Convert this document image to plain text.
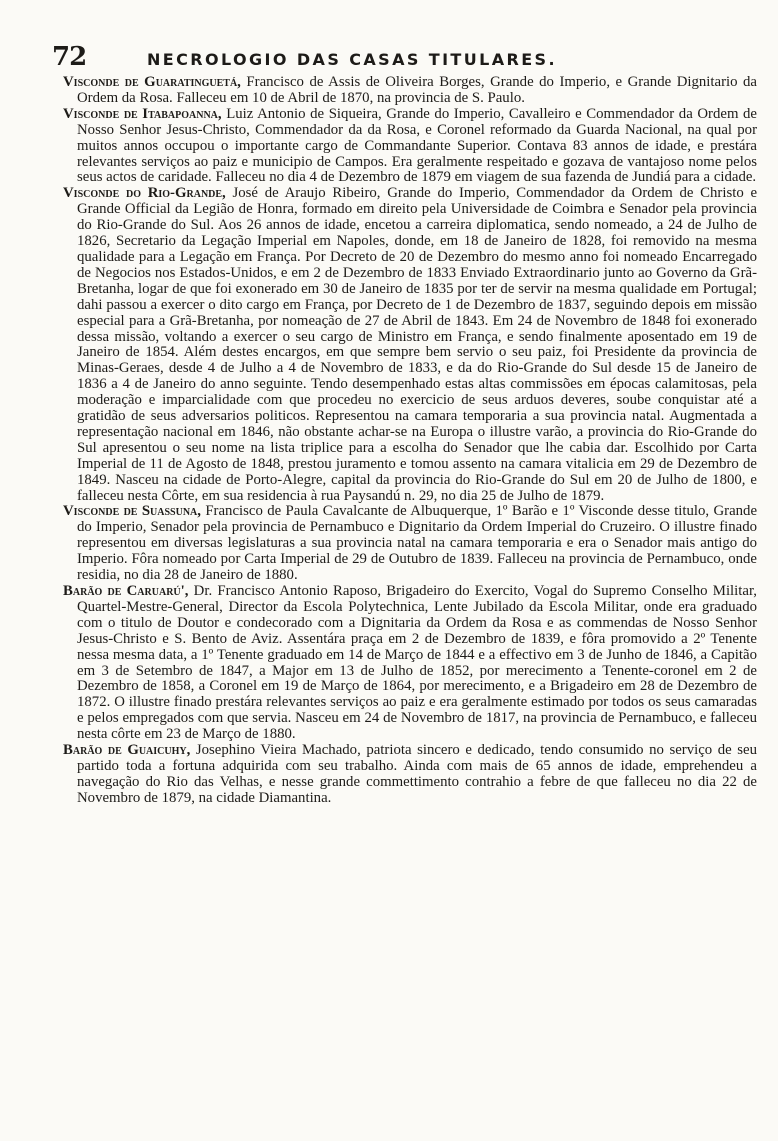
72	NECROLOGIO DAS CASAS TITULARES.

Visconde de Guaratinguetá, Francisco de Assis de Oliveira Borges, Grande do Imperio, e Grande Dignitario da Ordem da Rosa. Falleceu em 10 de Abril de 1870, na provincia de S. Paulo.

Visconde de Itabapoanna, Luiz Antonio de Siqueira, Grande do Imperio, Cavalleiro e Commendador da Ordem de Nosso Senhor Jesus-Christo, Commendador da da Rosa, e Coronel reformado da Guarda Nacional, na qual por muitos annos occupou o importante cargo de Commandante Superior. Contava 83 annos de idade, e prestára relevantes serviços ao paiz e municipio de Campos. Era geralmente respeitado e gozava de vantajoso nome pelos seus actos de caridade. Falleceu no dia 4 de Dezembro de 1879 em viagem de sua fazenda de Jundiá para a cidade.

Visconde do Rio-Grande, José de Araujo Ribeiro, Grande do Imperio, Commendador da Ordem de Christo e Grande Official da Legião de Honra, formado em direito pela Universidade de Coimbra e Senador pela provincia do Rio-Grande do Sul. Aos 26 annos de idade, encetou a carreira diplomatica, sendo nomeado, a 24 de Julho de 1826, Secretario da Legação Imperial em Napoles, donde, em 18 de Janeiro de 1828, foi removido na mesma qualidade para a Legação em França. Por Decreto de 20 de Dezembro do mesmo anno foi nomeado Encarregado de Negocios nos Estados-Unidos, e em 2 de Dezembro de 1833 Enviado Extraordinario junto ao Governo da Grã-Bretanha, logar de que foi exonerado em 30 de Janeiro de 1835 por ter de servir na mesma qualidade em Portugal; dahi passou a exercer o dito cargo em França, por Decreto de 1 de Dezembro de 1837, seguindo depois em missão especial para a Grã-Bretanha, por nomeação de 27 de Abril de 1843. Em 24 de Novembro de 1848 foi exonerado dessa missão, voltando a exercer o seu cargo de Ministro em França, e sendo finalmente aposentado em 19 de Janeiro de 1854. Além destes encargos, em que sempre bem servio o seu paiz, foi Presidente da provincia de Minas-Geraes, desde 4 de Julho a 4 de Novembro de 1833, e da do Rio-Grande do Sul desde 15 de Janeiro de 1836 a 4 de Janeiro do anno seguinte. Tendo desempenhado estas altas commissões em épocas calamitosas, pela moderação e imparcialidade com que procedeu no exercicio de seus arduos deveres, soube conquistar até a gratidão de seus adversarios politicos. Representou na camara temporaria a sua provincia natal. Augmentada a representação nacional em 1846, não obstante achar-se na Europa o illustre varão, a provincia do Rio-Grande do Sul apresentou o seu nome na lista triplice para a escolha do Senador que lhe cabia dar. Escolhido por Carta Imperial de 11 de Agosto de 1848, prestou juramento e tomou assento na camara vitalicia em 29 de Dezembro de 1849. Nasceu na cidade de Porto-Alegre, capital da provincia do Rio-Grande do Sul em 20 de Julho de 1800, e falleceu nesta Côrte, em sua residencia à rua Paysandú n. 29, no dia 25 de Julho de 1879.

Visconde de Suassuna, Francisco de Paula Cavalcante de Albuquerque, 1º Barão e 1º Visconde desse titulo, Grande do Imperio, Senador pela provincia de Pernambuco e Dignitario da Ordem Imperial do Cruzeiro. O illustre finado representou em diversas legislaturas a sua provincia natal na camara temporaria e era o Senador mais antigo do Imperio. Fôra nomeado por Carta Imperial de 29 de Outubro de 1839. Falleceu na provincia de Pernambuco, onde residia, no dia 28 de Janeiro de 1880.

Barão de Caruarú', Dr. Francisco Antonio Raposo, Brigadeiro do Exercito, Vogal do Supremo Conselho Militar, Quartel-Mestre-General, Director da Escola Polytechnica, Lente Jubilado da Escola Militar, onde era graduado com o titulo de Doutor e condecorado com a Dignitaria da Ordem da Rosa e as commendas de Nosso Senhor Jesus-Christo e S. Bento de Aviz. Assentára praça em 2 de Dezembro de 1839, e fôra promovido a 2º Tenente nessa mesma data, a 1º Tenente graduado em 14 de Março de 1844 e a effectivo em 3 de Junho de 1846, a Capitão em 3 de Setembro de 1847, a Major em 13 de Julho de 1852, por merecimento a Tenente-coronel em 2 de Dezembro de 1858, a Coronel em 19 de Março de 1864, por merecimento, e a Brigadeiro em 28 de Dezembro de 1872. O illustre finado prestára relevantes serviços ao paiz e era geralmente estimado por todos os seus camaradas e pelos empregados com que servia. Nasceu em 24 de Novembro de 1817, na provincia de Pernambuco, e falleceu nesta côrte em 23 de Março de 1880.

Barão de Guaicuhy, Josephino Vieira Machado, patriota sincero e dedicado, tendo consumido no serviço de seu partido toda a fortuna adquirida com seu trabalho. Ainda com mais de 65 annos de idade, emprehendeu a navegação do Rio das Velhas, e nesse grande commettimento contrahio a febre de que falleceu no dia 22 de Novembro de 1879, na cidade Diamantina.
